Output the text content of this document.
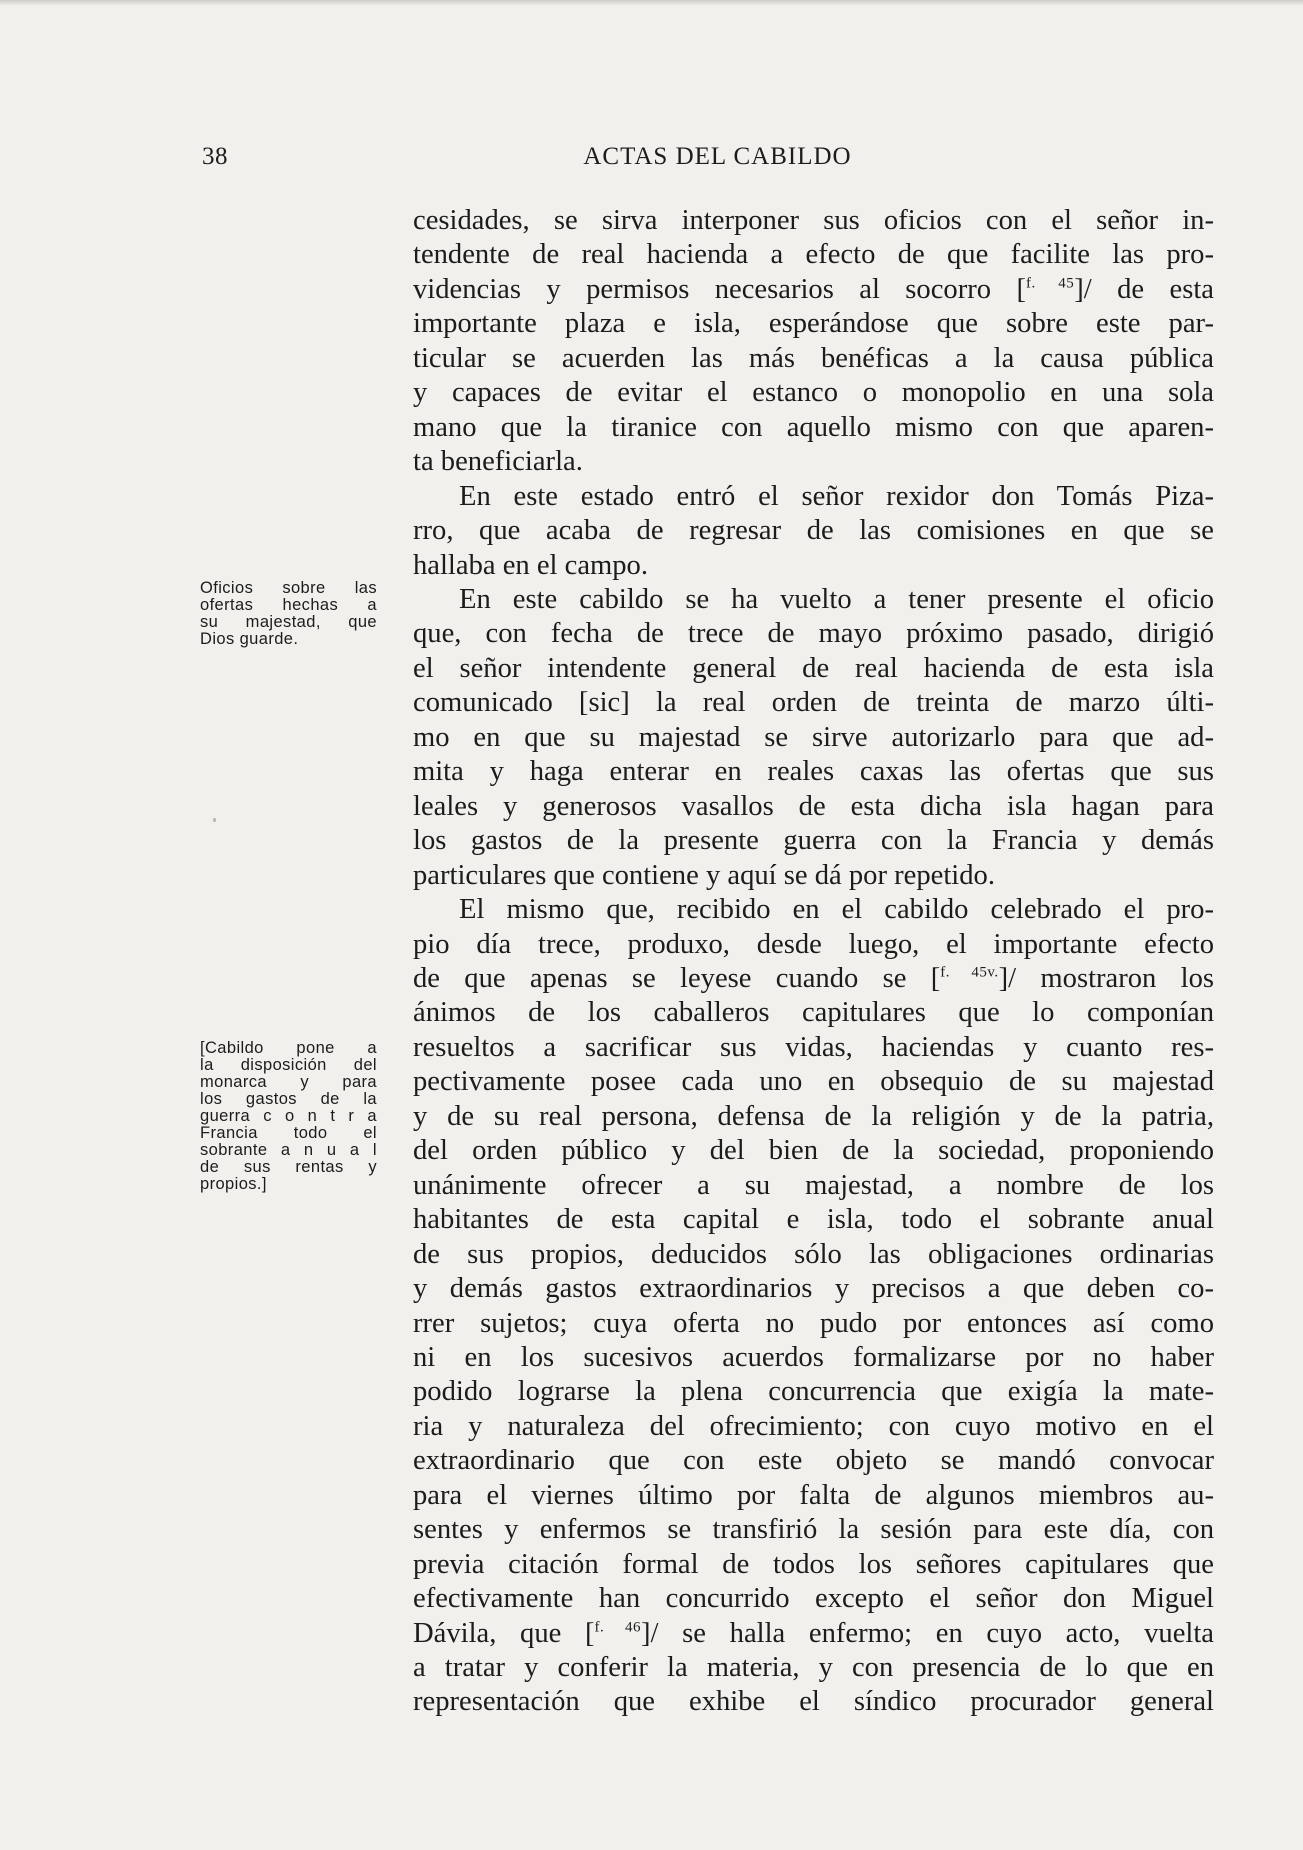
38	ACTAS DEL CABILDO
Oficios sobre las
ofertas hechas a
su majestad, que
Dios guarde.
[Cabildo pone a
la disposición del
monarca y para
los gastos de la
guerra c o n t r a
Francia todo el
sobrante a n u a l
de sus rentas y
propios.]
cesidades, se sirva interponer sus oficios con el señor in-
tendente de real hacienda a efecto de que facilite las pro-
videncias y permisos necesarios al socorro [$^{f. 45}$]/ de esta
importante plaza e isla, esperándose que sobre este par-
ticular se acuerden las más benéficas a la causa pública
y capaces de evitar el estanco o monopolio en una sola
mano que la tiranice con aquello mismo con que aparen-
ta beneficiarla.
En este estado entró el señor rexidor don Tomás Piza-
rro, que acaba de regresar de las comisiones en que se
hallaba en el campo.
En este cabildo se ha vuelto a tener presente el oficio
que, con fecha de trece de mayo próximo pasado, dirigió
el señor intendente general de real hacienda de esta isla
comunicado [sic] la real orden de treinta de marzo últi-
mo en que su majestad se sirve autorizarlo para que ad-
mita y haga enterar en reales caxas las ofertas que sus
leales y generosos vasallos de esta dicha isla hagan para
los gastos de la presente guerra con la Francia y demás
particulares que contiene y aquí se dá por repetido.
El mismo que, recibido en el cabildo celebrado el pro-
pio día trece, produxo, desde luego, el importante efecto
de que apenas se leyese cuando se [$^{f. 45v.}$]/ mostraron los
ánimos de los caballeros capitulares que lo componían
resueltos a sacrificar sus vidas, haciendas y cuanto res-
pectivamente posee cada uno en obsequio de su majestad
y de su real persona, defensa de la religión y de la patria,
del orden público y del bien de la sociedad, proponiendo
unánimente ofrecer a su majestad, a nombre de los
habitantes de esta capital e isla, todo el sobrante anual
de sus propios, deducidos sólo las obligaciones ordinarias
y demás gastos extraordinarios y precisos a que deben co-
rrer sujetos; cuya oferta no pudo por entonces así como
ni en los sucesivos acuerdos formalizarse por no haber
podido lograrse la plena concurrencia que exigía la mate-
ria y naturaleza del ofrecimiento; con cuyo motivo en el
extraordinario que con este objeto se mandó convocar
para el viernes último por falta de algunos miembros au-
sentes y enfermos se transfirió la sesión para este día, con
previa citación formal de todos los señores capitulares que
efectivamente han concurrido excepto el señor don Miguel
Dávila, que [$^{f. 46}$]/ se halla enfermo; en cuyo acto, vuelta
a tratar y conferir la materia, y con presencia de lo que en
representación que exhibe el síndico procurador general
